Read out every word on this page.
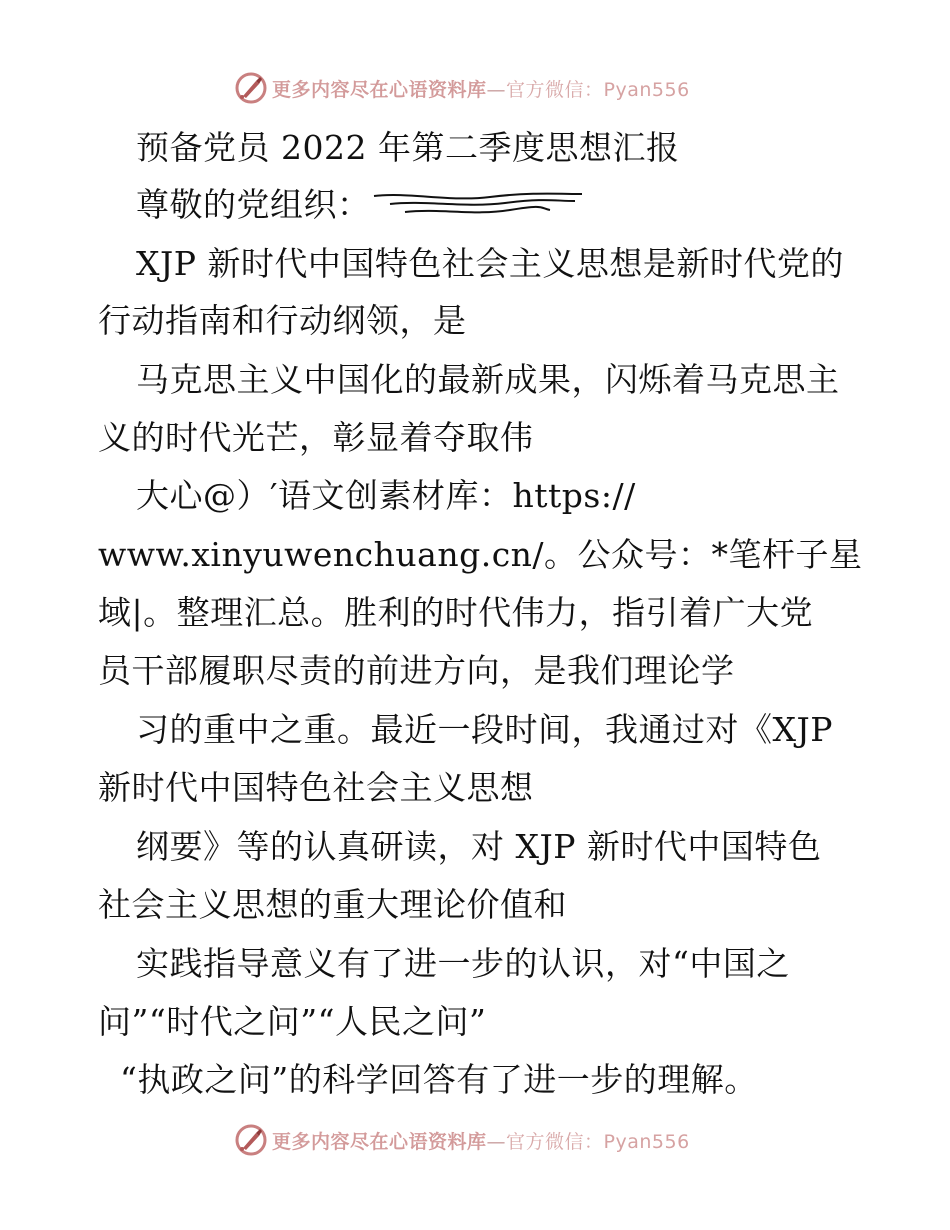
更多内容尽在心语资料库—官方微信：Pyan556
预备党员 2022 年第二季度思想汇报
尊敬的党组织：
XJP 新时代中国特色社会主义思想是新时代党的
行动指南和行动纲领，是
马克思主义中国化的最新成果，闪烁着马克思主
义的时代光芒，彰显着夺取伟
大心@）′语文创素材库：https://
www.xinyuwenchuang.cn/。公众号：*笔杆子星
域|。整理汇总。胜利的时代伟力，指引着广大党
员干部履职尽责的前进方向，是我们理论学
习的重中之重。最近一段时间，我通过对《XJP
新时代中国特色社会主义思想
纲要》等的认真研读，对 XJP 新时代中国特色
社会主义思想的重大理论价值和
实践指导意义有了进一步的认识，对“中国之
问”“时代之问”“人民之问”
“执政之问”的科学回答有了进一步的理解。
更多内容尽在心语资料库—官方微信：Pyan556
